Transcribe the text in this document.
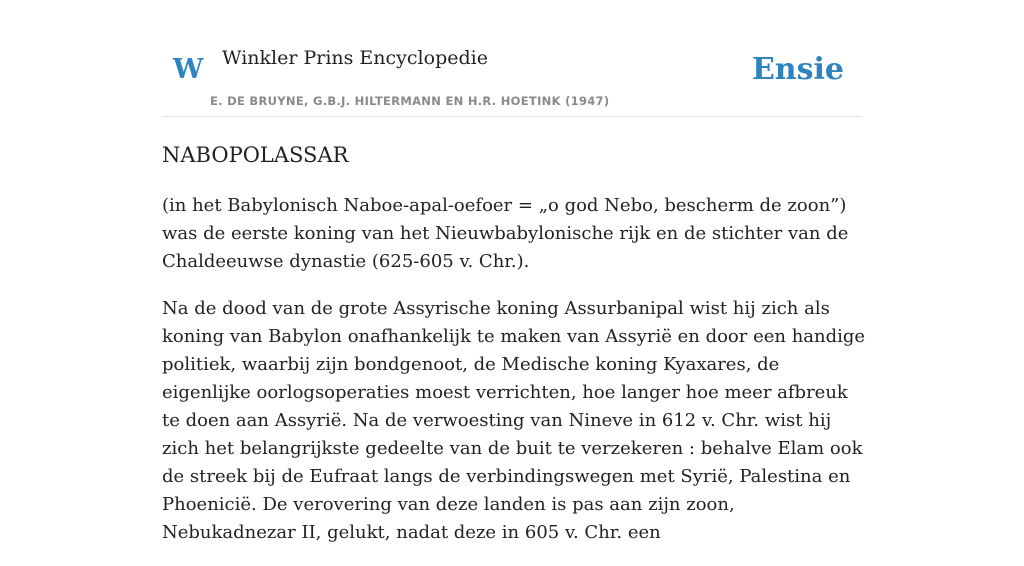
W Winkler Prins Encyclopedie
E. DE BRUYNE, G.B.J. HILTERMANN EN H.R. HOETINK (1947)
Ensie
NABOPOLASSAR

(in het Babylonisch Naboe-apal-oefoer = „o god Nebo, bescherm de zoon”) was de eerste koning van het Nieuwbabylonische rijk en de stichter van de Chaldeeuwse dynastie (625-605 v. Chr.).

Na de dood van de grote Assyrische koning Assurbanipal wist hij zich als koning van Babylon onafhankelijk te maken van Assyrië en door een handige politiek, waarbij zijn bondgenoot, de Medische koning Kyaxares, de eigenlijke oorlogsoperaties moest verrichten, hoe langer hoe meer afbreuk te doen aan Assyrië. Na de verwoesting van Nineve in 612 v. Chr. wist hij zich het belangrijkste gedeelte van de buit te verzekeren : behalve Elam ook de streek bij de Eufraat langs de verbindingswegen met Syrië, Palestina en Phoenicië. De verovering van deze landen is pas aan zijn zoon, Nebukadnezar II, gelukt, nadat deze in 605 v. Chr. een
